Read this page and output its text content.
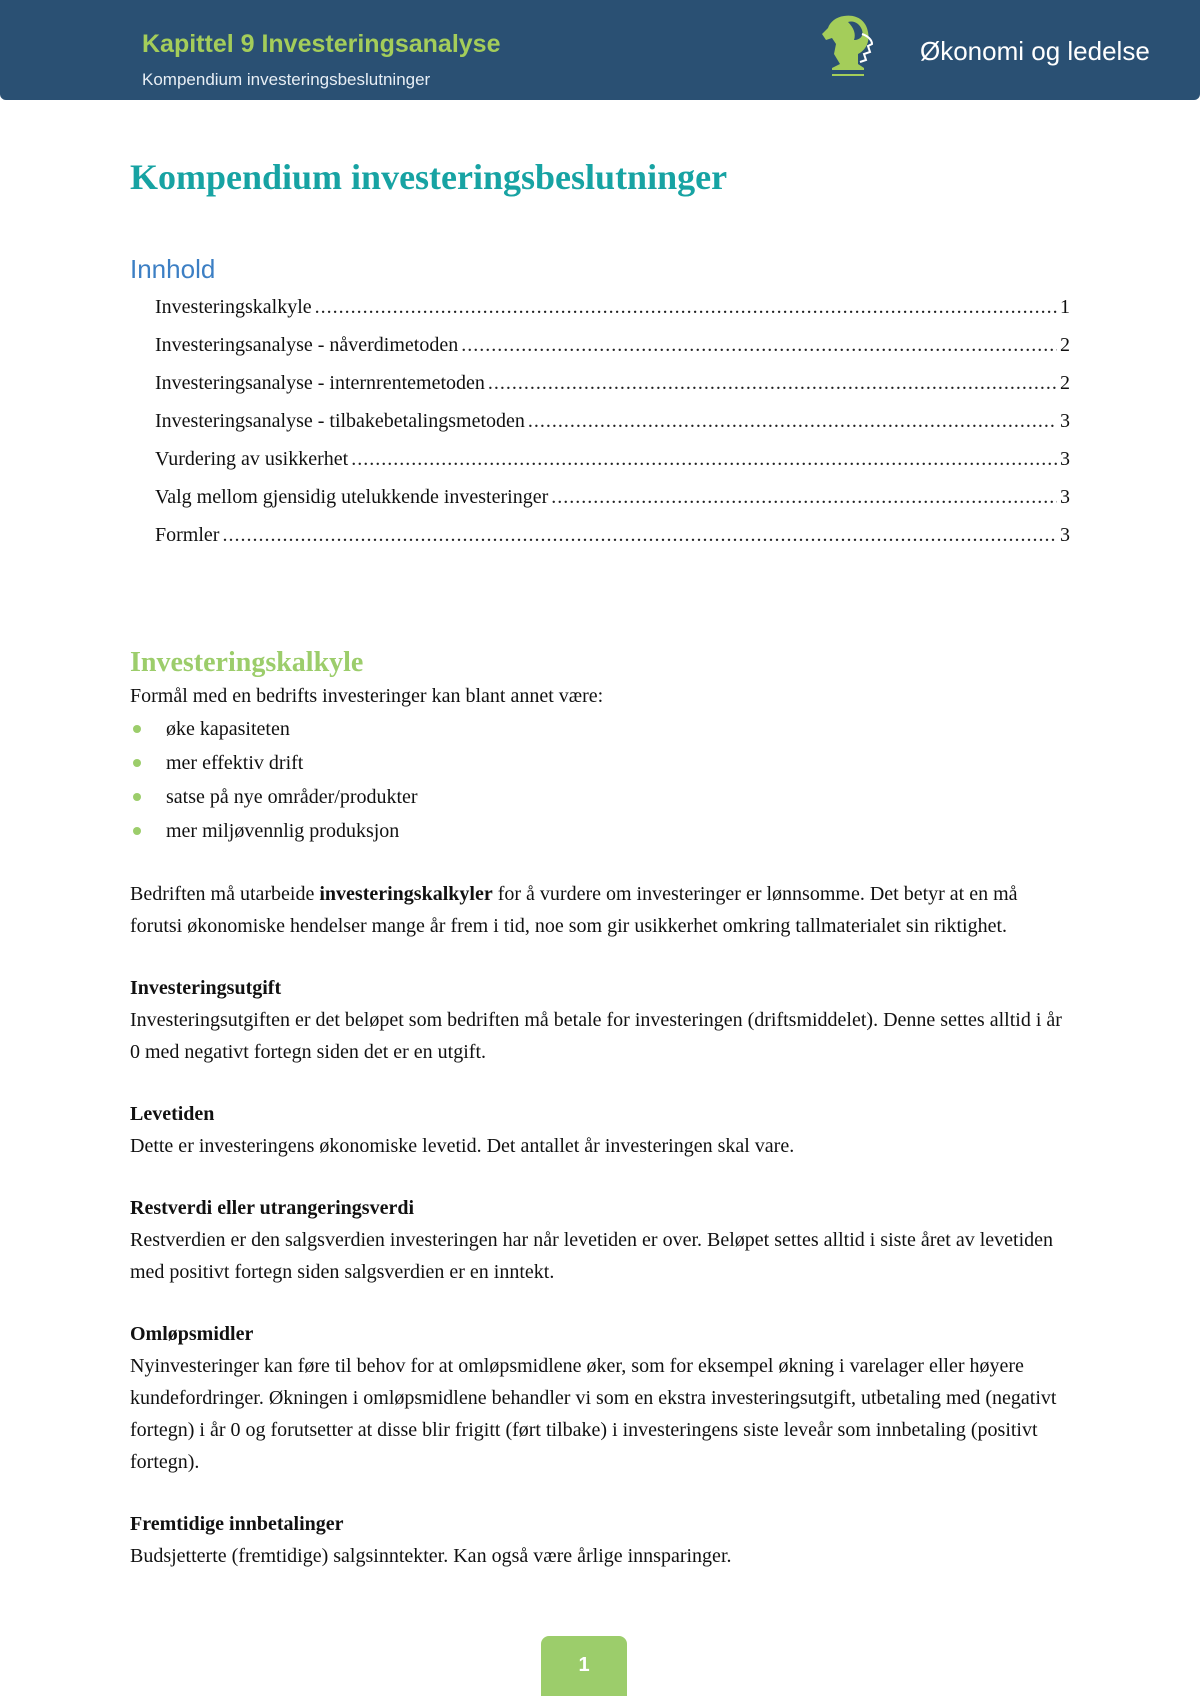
Kapittel 9 Investeringsanalyse
Kompendium investeringsbeslutninger
Økonomi og ledelse
Kompendium investeringsbeslutninger
Innhold
Investeringskalkyle .....	1
Investeringsanalyse - nåverdimetoden .....	2
Investeringsanalyse - internrentemetoden .....	2
Investeringsanalyse - tilbakebetalingsmetoden .....	3
Vurdering av usikkerhet .....	3
Valg mellom gjensidig utelukkende investeringer .....	3
Formler .....	3
Investeringskalkyle

Formål med en bedrifts investeringer kan blant annet være:

øke kapasiteten
mer effektiv drift
satse på nye områder/produkter
mer miljøvennlig produksjon

Bedriften må utarbeide investeringskalkyler for å vurdere om investeringer er lønnsomme. Det betyr at en må forutsi økonomiske hendelser mange år frem i tid, noe som gir usikkerhet omkring tallmaterialet sin riktighet.

Investeringsutgift

Investeringsutgiften er det beløpet som bedriften må betale for investeringen (driftsmiddelet). Denne settes alltid i år 0 med negativt fortegn siden det er en utgift.

Levetiden

Dette er investeringens økonomiske levetid. Det antallet år investeringen skal vare.

Restverdi eller utrangeringsverdi

Restverdien er den salgsverdien investeringen har når levetiden er over. Beløpet settes alltid i siste året av levetiden med positivt fortegn siden salgsverdien er en inntekt.

Omløpsmidler

Nyinvesteringer kan føre til behov for at omløpsmidlene øker, som for eksempel økning i varelager eller høyere kundefordringer. Økningen i omløpsmidlene behandler vi som en ekstra investeringsutgift, utbetaling med (negativt fortegn) i år 0 og forutsetter at disse blir frigitt (ført tilbake) i investeringens siste leveår som innbetaling (positivt fortegn).

Fremtidige innbetalinger

Budsjetterte (fremtidige) salgsinntekter. Kan også være årlige innsparinger.

1
